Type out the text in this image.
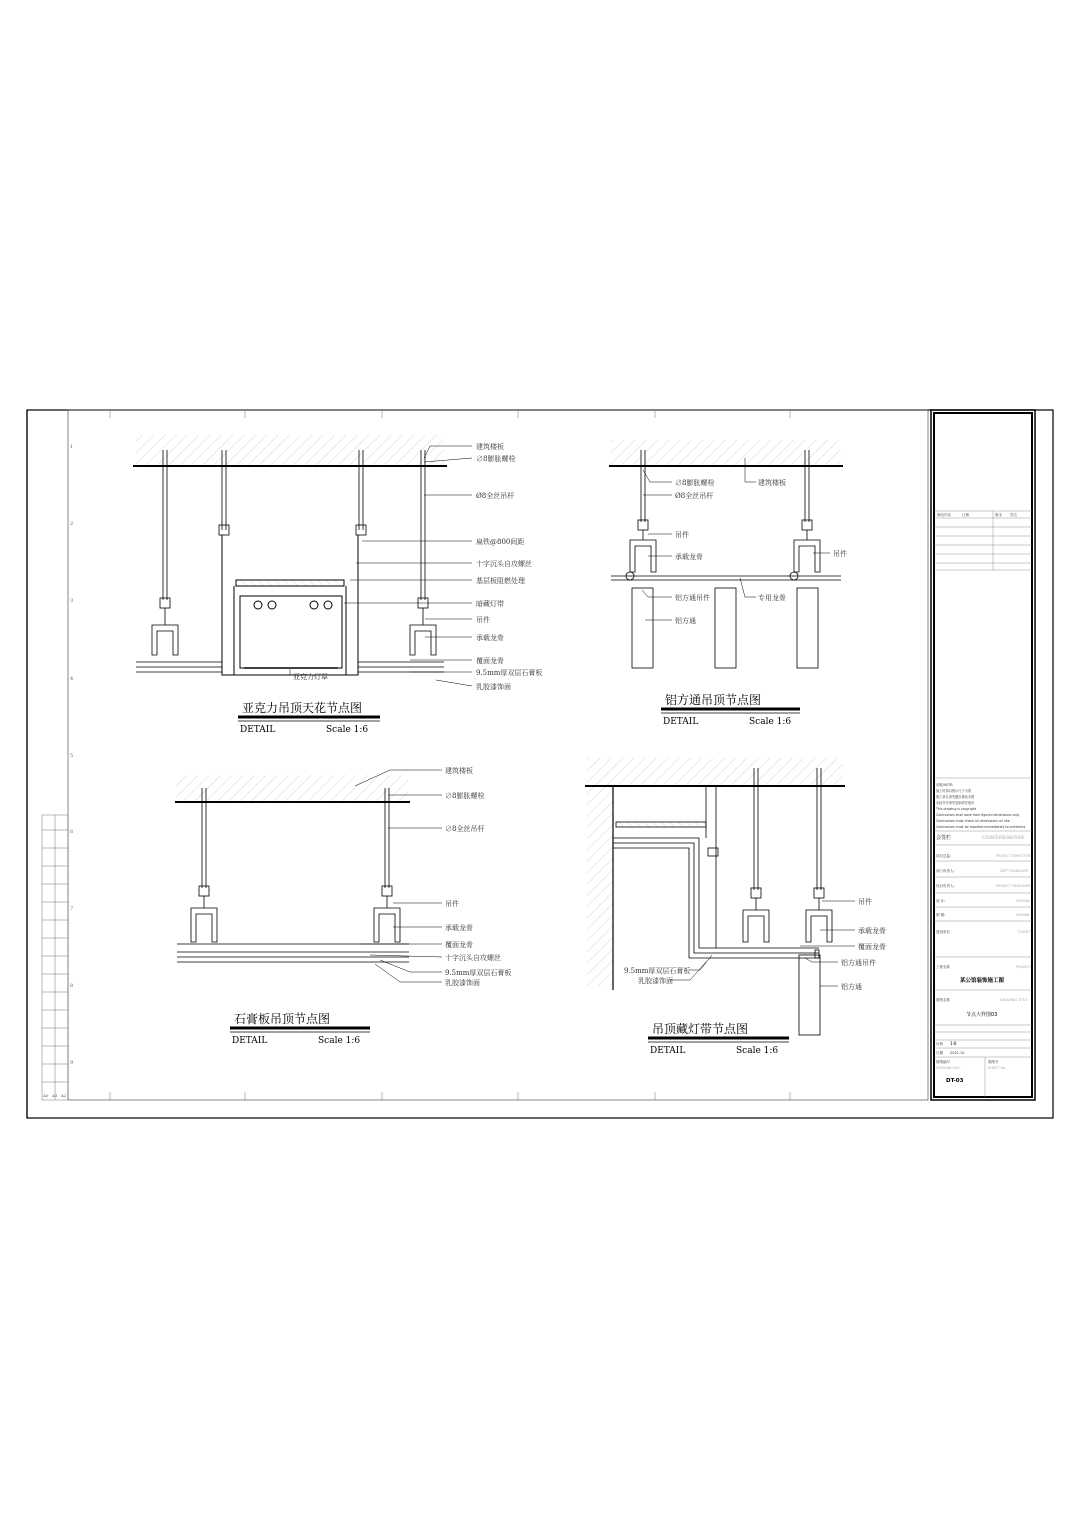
1
2
3
4
5
6
7
8
9
A0 A1 A2
建筑楼板
∅8膨胀螺栓
Ø8全丝吊杆
扁铁@800间距
十字沉头自攻螺丝
基层板阻燃处理
暗藏灯带
吊件
承载龙骨
覆面龙骨
9.5mm厚双层石膏板
乳胶漆饰面
亚克力灯罩
亚克力吊顶天花节点图
DETAIL	Scale 1:6
∅8膨胀螺栓
Ø8全丝吊杆
建筑楼板
吊件
承载龙骨	吊件
铝方通吊件	专用龙骨
铝方通
铝方通吊顶节点图
DETAIL	Scale 1:6
建筑楼板
∅8膨胀螺栓
∅8全丝吊杆
吊件
承载龙骨
覆面龙骨
十字沉头自攻螺丝
9.5mm厚双层石膏板
乳胶漆饰面
石膏板吊顶节点图
DETAIL	Scale 1:6
吊件
承载龙骨
覆面龙骨
铝方通吊件
铝方通
9.5mm厚双层石膏板
乳胶漆饰面
吊顶藏灯带节点图
DETAIL	Scale 1:6
修改内容	日期	版本 签名
说明/NOTE:
施工时请以图示尺寸为准
施工单位请勿擅自修改本图
未经许可请勿复制或作他用
This drawing is copyright
Contractors shall work from figured dimensions only
Contractors must check all dimensions on site
Contractors must be reported immediately to architects
会签栏	COUNTERSIGNATURE
项目总监:	PROJECT DIRECTOR
部门负责人:	DEPT MANAGER
项目负责人:	PROJECT DESIGNER
设 计:	DESIGN
制 图:	DRAWN
建设单位	CLIENT
工程名称	PROJECT
图纸名称	DRAWING TITLE
比例
日期 2021.10
图纸编号
DRAWING NO.
图纸号
SHEET No.
某公馆装饰施工图
节点大样图03
1:6
DT-03
